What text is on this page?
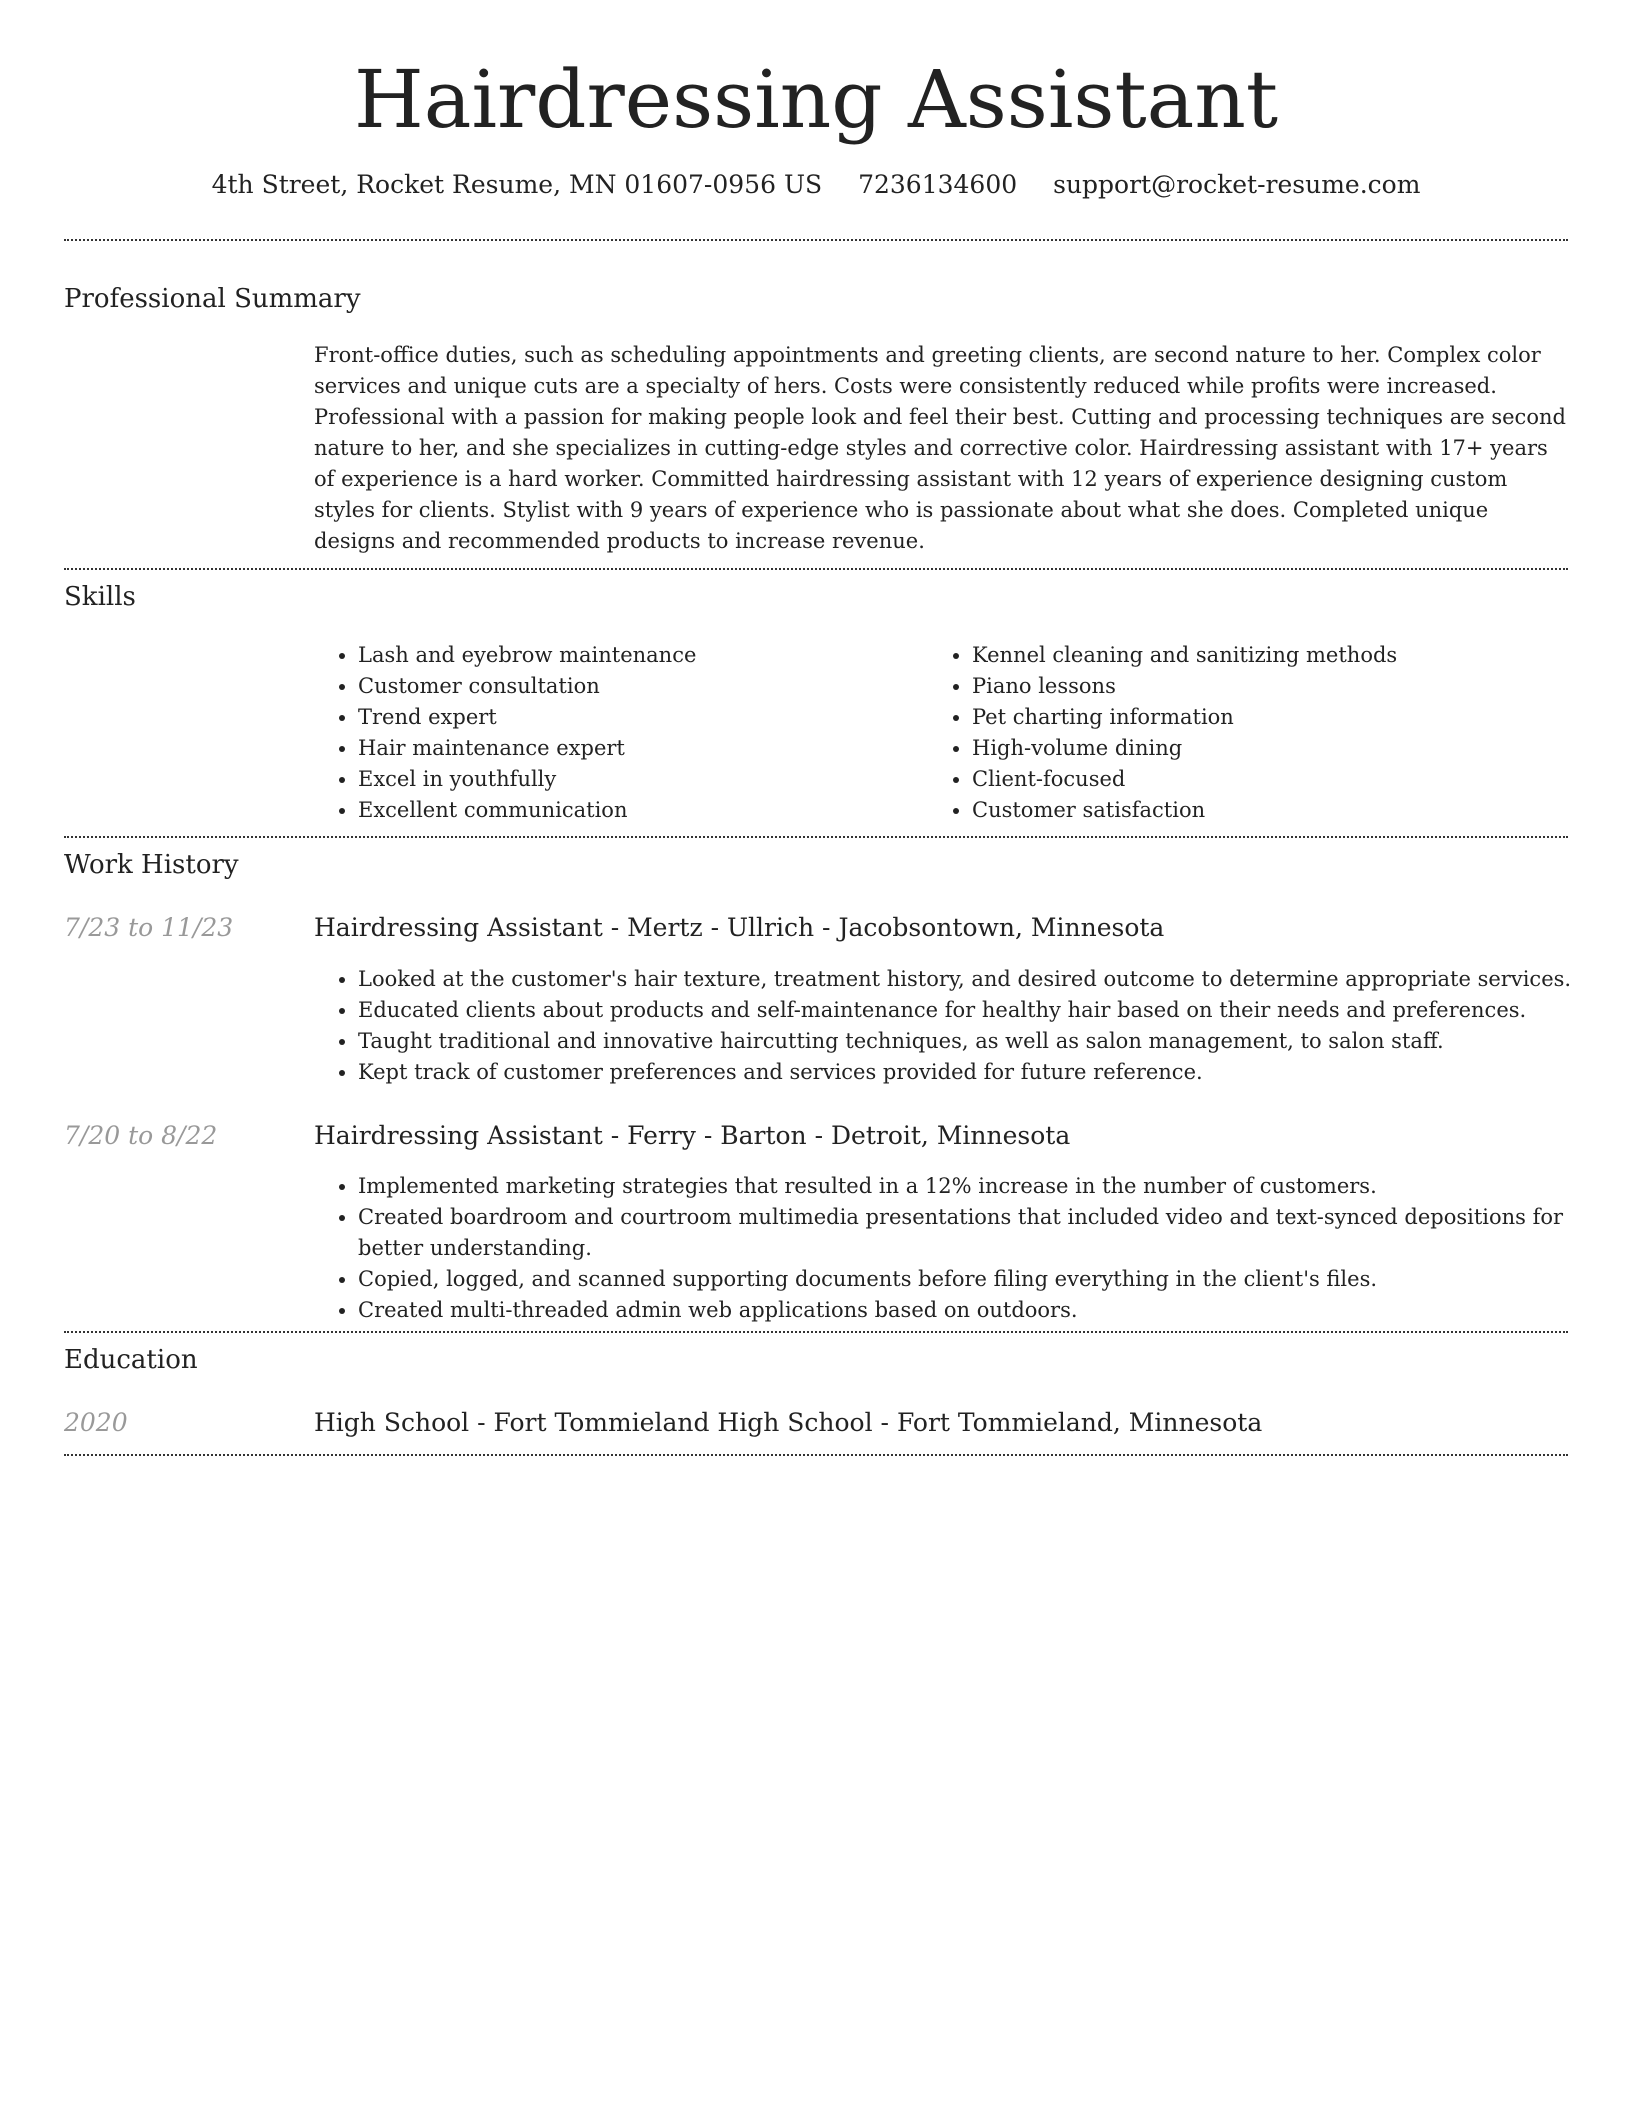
Hairdressing Assistant
4th Street, Rocket Resume, MN 01607-0956 US 7236134600 support@rocket-resume.com
Professional Summary
Front-office duties, such as scheduling appointments and greeting clients, are second nature to her. Complex color services and unique cuts are a specialty of hers. Costs were consistently reduced while profits were increased. Professional with a passion for making people look and feel their best. Cutting and processing techniques are second nature to her, and she specializes in cutting-edge styles and corrective color. Hairdressing assistant with 17+ years of experience is a hard worker. Committed hairdressing assistant with 12 years of experience designing custom styles for clients. Stylist with 9 years of experience who is passionate about what she does. Completed unique designs and recommended products to increase revenue.
Skills
• Lash and eyebrow maintenance
• Customer consultation
• Trend expert
• Hair maintenance expert
• Excel in youthfully
• Excellent communication
• Kennel cleaning and sanitizing methods
• Piano lessons
• Pet charting information
• High-volume dining
• Client-focused
• Customer satisfaction
Work History
7/23 to 11/23	Hairdressing Assistant - Mertz - Ullrich - Jacobsontown, Minnesota
• Looked at the customer's hair texture, treatment history, and desired outcome to determine appropriate services.
• Educated clients about products and self-maintenance for healthy hair based on their needs and preferences.
• Taught traditional and innovative haircutting techniques, as well as salon management, to salon staff.
• Kept track of customer preferences and services provided for future reference.
7/20 to 8/22	Hairdressing Assistant - Ferry - Barton - Detroit, Minnesota
• Implemented marketing strategies that resulted in a 12% increase in the number of customers.
• Created boardroom and courtroom multimedia presentations that included video and text-synced depositions for better understanding.
• Copied, logged, and scanned supporting documents before filing everything in the client's files.
• Created multi-threaded admin web applications based on outdoors.
Education
2020	High School - Fort Tommieland High School - Fort Tommieland, Minnesota
